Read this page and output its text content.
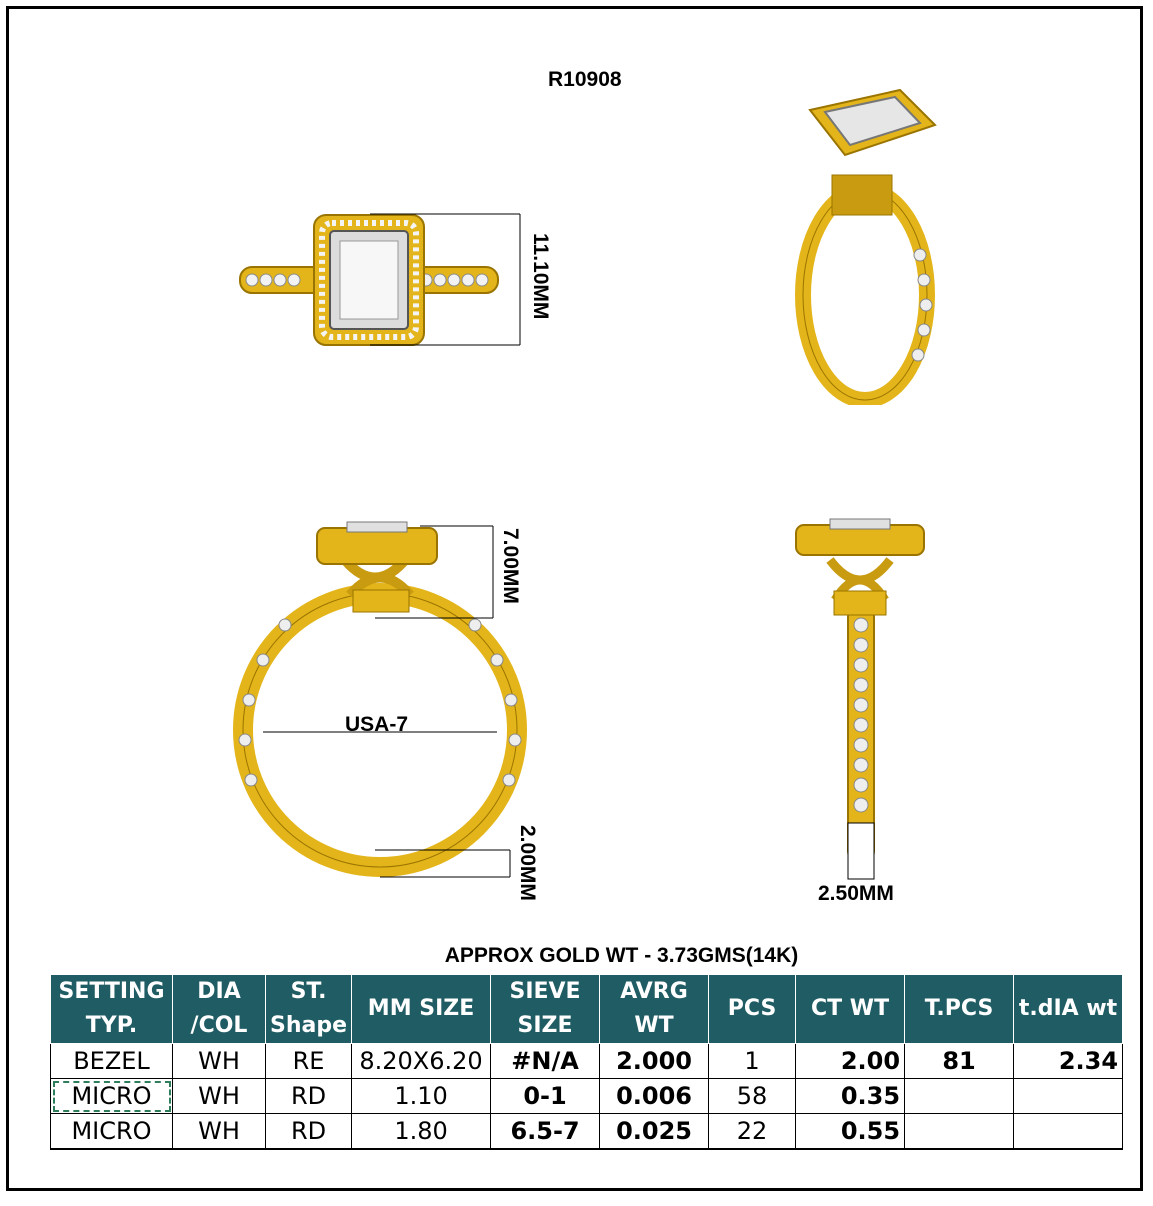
R10908
11.10MM
USA-7
7.00MM
2.00MM	2.50MM
APPROX GOLD WT - 3.73GMS(14K)
SETTING TYP.	DIA /COL	ST. Shape	MM SIZE	SIEVE SIZE	AVRG WT	PCS	CT WT	T.PCS	t.dIA wt
BEZEL	WH	RE	8.20X6.20	#N/A	2.000	1	2.00	81	2.34
MICRO	WH	RD	1.10	0-1	0.006	58	0.35		
MICRO	WH	RD	1.80	6.5-7	0.025	22	0.55		
